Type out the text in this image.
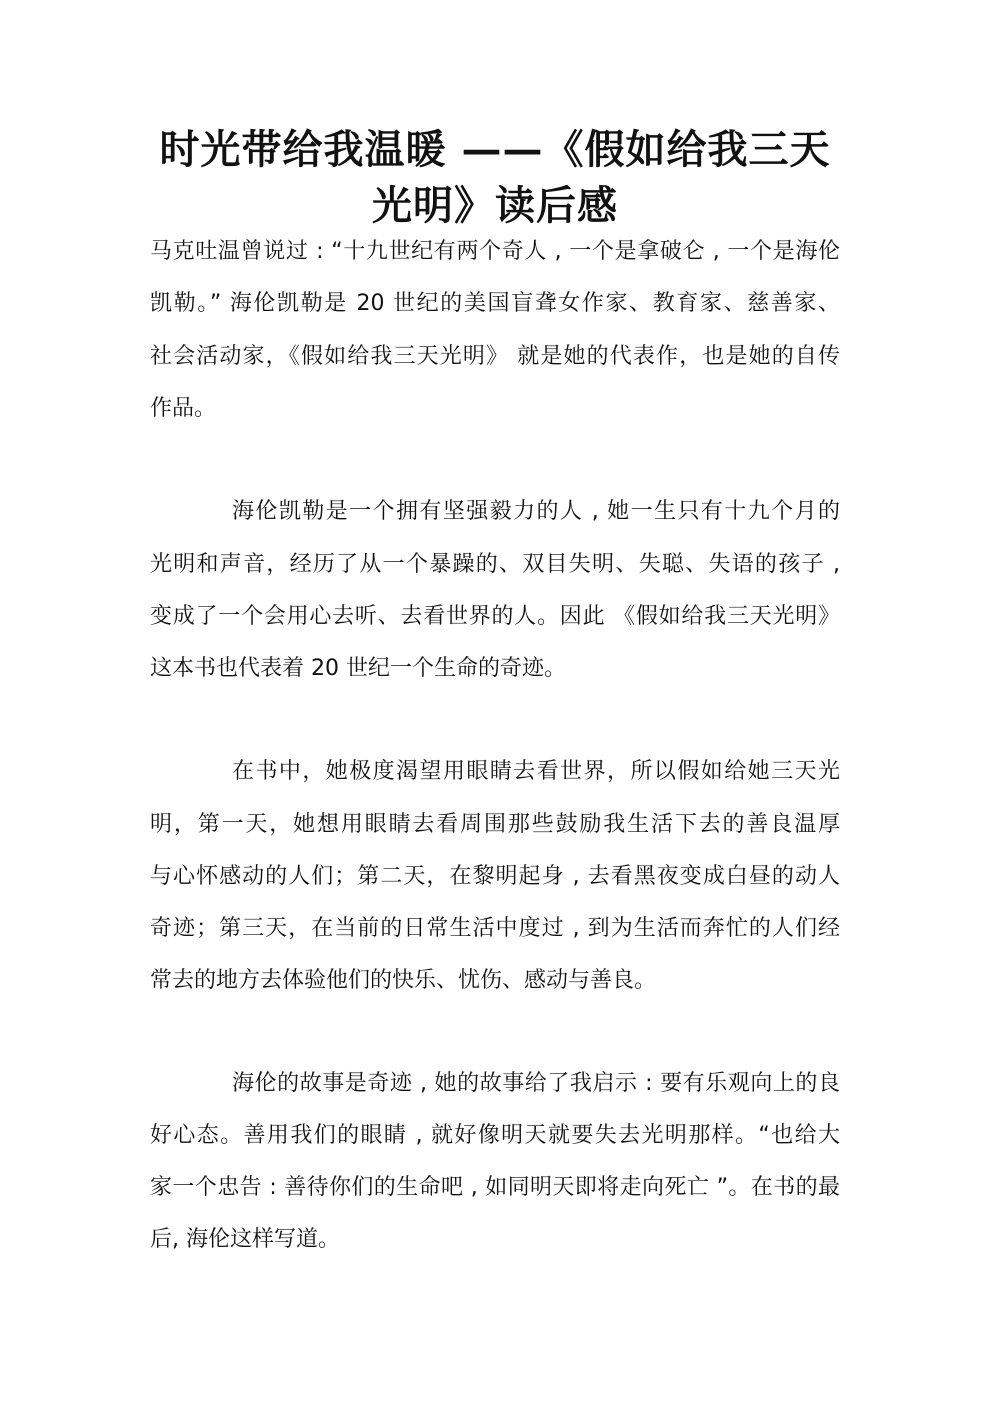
时光带给我温暖 ——《假如给我三天
光明》读后感

马克吐温曾说过 : “十九世纪有两个奇人 , 一个是拿破仑 , 一个是海伦

凯勒。” 海伦凯勒是 20 世纪的美国盲聋女作家、教育家、慈善家、

社会活动家，《假如给我三天光明》 就是她的代表作，也是她的自传

作品。

海伦凯勒是一个拥有坚强毅力的人 , 她一生只有十九个月的

光明和声音，经历了从一个暴躁的、双目失明、失聪、失语的孩子 ,

变成了一个会用心去听、去看世界的人。因此 《假如给我三天光明》

这本书也代表着 20 世纪一个生命的奇迹。

在书中，她极度渴望用眼睛去看世界，所以假如给她三天光

明，第一天，她想用眼睛去看周围那些鼓励我生活下去的善良温厚

与心怀感动的人们；第二天，在黎明起身 , 去看黑夜变成白昼的动人

奇迹；第三天，在当前的日常生活中度过 , 到为生活而奔忙的人们经

常去的地方去体验他们的快乐、忧伤、感动与善良。

海伦的故事是奇迹 , 她的故事给了我启示 : 要有乐观向上的良

好心态。善用我们的眼睛 , 就好像明天就要失去光明那样。“也给大

家一个忠告 : 善待你们的生命吧 , 如同明天即将走向死亡 ”。在书的最

后, 海伦这样写道。
